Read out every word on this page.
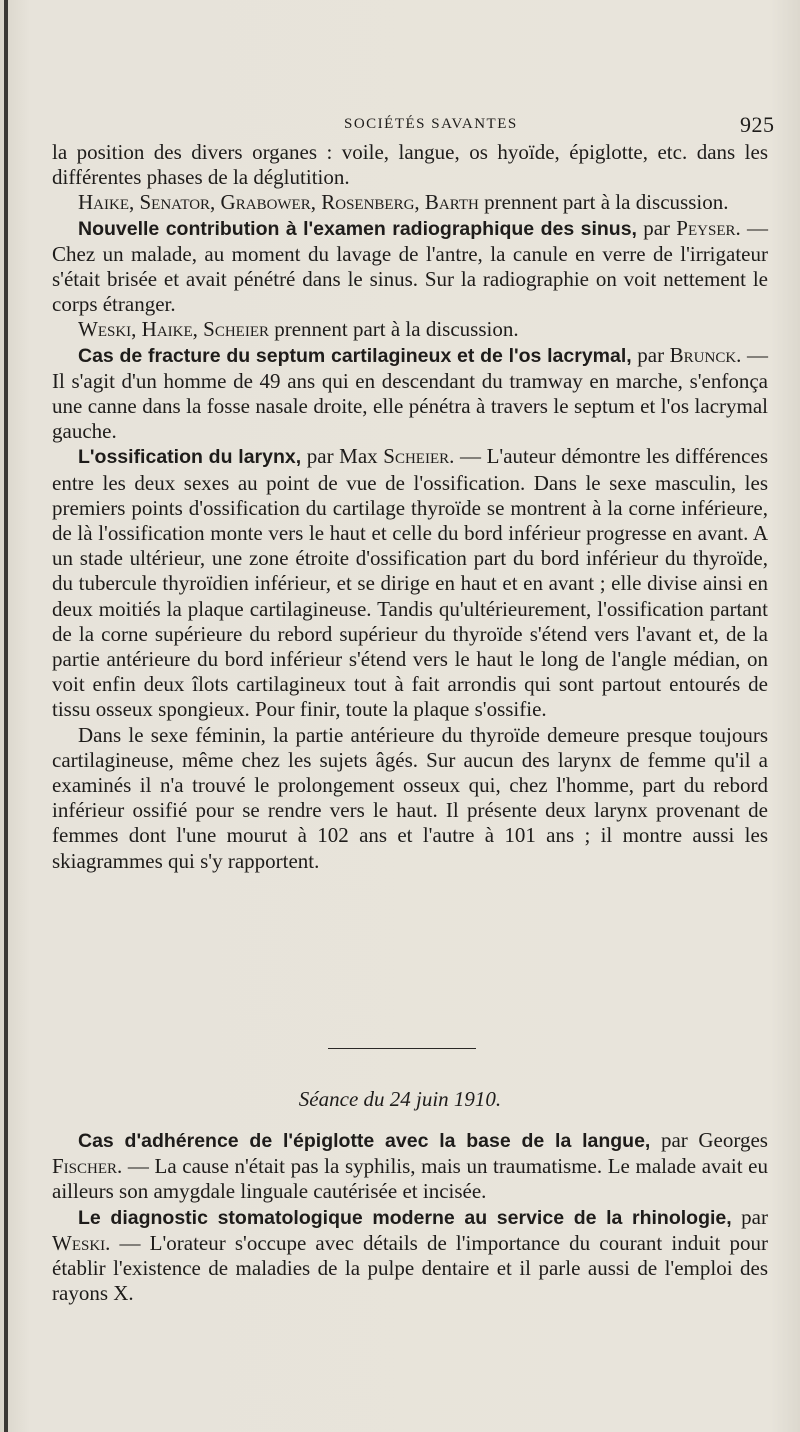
SOCIÉTÉS SAVANTES	925

la position des divers organes : voile, langue, os hyoïde, épiglotte, etc. dans les différentes phases de la déglutition.

Haike, Senator, Grabower, Rosenberg, Barth prennent part à la discussion.

Nouvelle contribution à l'examen radiographique des sinus, par Peyser. — Chez un malade, au moment du lavage de l'antre, la canule en verre de l'irrigateur s'était brisée et avait pénétré dans le sinus. Sur la radiographie on voit nettement le corps étranger.

Weski, Haike, Scheier prennent part à la discussion.

Cas de fracture du septum cartilagineux et de l'os lacrymal, par Brunck. — Il s'agit d'un homme de 49 ans qui en descendant du tramway en marche, s'enfonça une canne dans la fosse nasale droite, elle pénétra à travers le septum et l'os lacrymal gauche.

L'ossification du larynx, par Max Scheier. — L'auteur démontre les différences entre les deux sexes au point de vue de l'ossification. Dans le sexe masculin, les premiers points d'ossification du cartilage thyroïde se montrent à la corne inférieure, de là l'ossification monte vers le haut et celle du bord inférieur progresse en avant. A un stade ultérieur, une zone étroite d'ossification part du bord inférieur du thyroïde, du tubercule thyroïdien inférieur, et se dirige en haut et en avant ; elle divise ainsi en deux moitiés la plaque cartilagineuse. Tandis qu'ultérieurement, l'ossification partant de la corne supérieure du rebord supérieur du thyroïde s'étend vers l'avant et, de la partie antérieure du bord inférieur s'étend vers le haut le long de l'angle médian, on voit enfin deux îlots cartilagineux tout à fait arrondis qui sont partout entourés de tissu osseux spongieux. Pour finir, toute la plaque s'ossifie.

Dans le sexe féminin, la partie antérieure du thyroïde demeure presque toujours cartilagineuse, même chez les sujets âgés. Sur aucun des larynx de femme qu'il a examinés il n'a trouvé le prolongement osseux qui, chez l'homme, part du rebord inférieur ossifié pour se rendre vers le haut. Il présente deux larynx provenant de femmes dont l'une mourut à 102 ans et l'autre à 101 ans ; il montre aussi les skiagrammes qui s'y rapportent.

Séance du 24 juin 1910.

Cas d'adhérence de l'épiglotte avec la base de la langue, par Georges Fischer. — La cause n'était pas la syphilis, mais un traumatisme. Le malade avait eu ailleurs son amygdale linguale cautérisée et incisée.

Le diagnostic stomatologique moderne au service de la rhinologie, par Weski. — L'orateur s'occupe avec détails de l'importance du courant induit pour établir l'existence de maladies de la pulpe dentaire et il parle aussi de l'emploi des rayons X.
